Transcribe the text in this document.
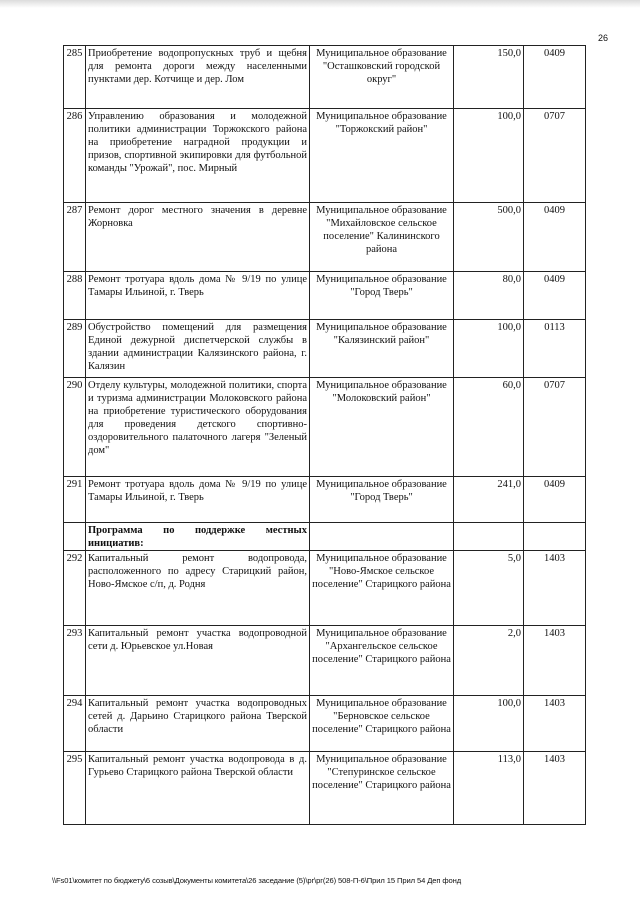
26
285	Приобретение водопропускных труб и щебня для ремонта дороги между населенными пунктами дер. Котчище и дер. Лом	Муниципальное образование "Осташковский городской округ"	150,0	0409
286	Управлению образования и молодежной политики администрации Торжокского района на приобретение наградной продукции и призов, спортивной экипировки для футбольной команды "Урожай", пос. Мирный	Муниципальное образование "Торжокский район"	100,0	0707
287	Ремонт дорог местного значения в деревне Жорновка	Муниципальное образование "Михайловское сельское поселение" Калининского района	500,0	0409
288	Ремонт тротуара вдоль дома № 9/19 по улице Тамары Ильиной, г. Тверь	Муниципальное образование "Город Тверь"	80,0	0409
289	Обустройство помещений для размещения Единой дежурной диспетчерской службы в здании администрации Калязинского района, г. Калязин	Муниципальное образование "Калязинский район"	100,0	0113
290	Отделу культуры, молодежной политики, спорта и туризма администрации Молоковского района на приобретение туристического оборудования для проведения детского спортивно-оздоровительного палаточного лагеря "Зеленый дом"	Муниципальное образование "Молоковский район"	60,0	0707
291	Ремонт тротуара вдоль дома № 9/19 по улице Тамары Ильиной, г. Тверь	Муниципальное образование "Город Тверь"	241,0	0409
	Программа по поддержке местных инициатив:			
292	Капитальный ремонт водопровода, расположенного по адресу Старицкий район, Ново-Ямское с/п, д. Родня	Муниципальное образование "Ново-Ямское сельское поселение" Старицкого района	5,0	1403
293	Капитальный ремонт участка водопроводной сети д. Юрьевское ул.Новая	Муниципальное образование "Архангельское сельское поселение" Старицкого района	2,0	1403
294	Капитальный ремонт участка водопроводных сетей д. Дарьино Старицкого района Тверской области	Муниципальное образование "Берновское сельское поселение" Старицкого района	100,0	1403
295	Капитальный ремонт участка водопровода в д. Гурьево Старицкого района Тверской области	Муниципальное образование "Степуринское сельское поселение" Старицкого района	113,0	1403
\\Fs01\комитет по бюджету\6 созыв\Документы комитета\26 заседание (5)\рг\рг(26) 508-П-6\Прил 15 Прил 54 Деп фонд
